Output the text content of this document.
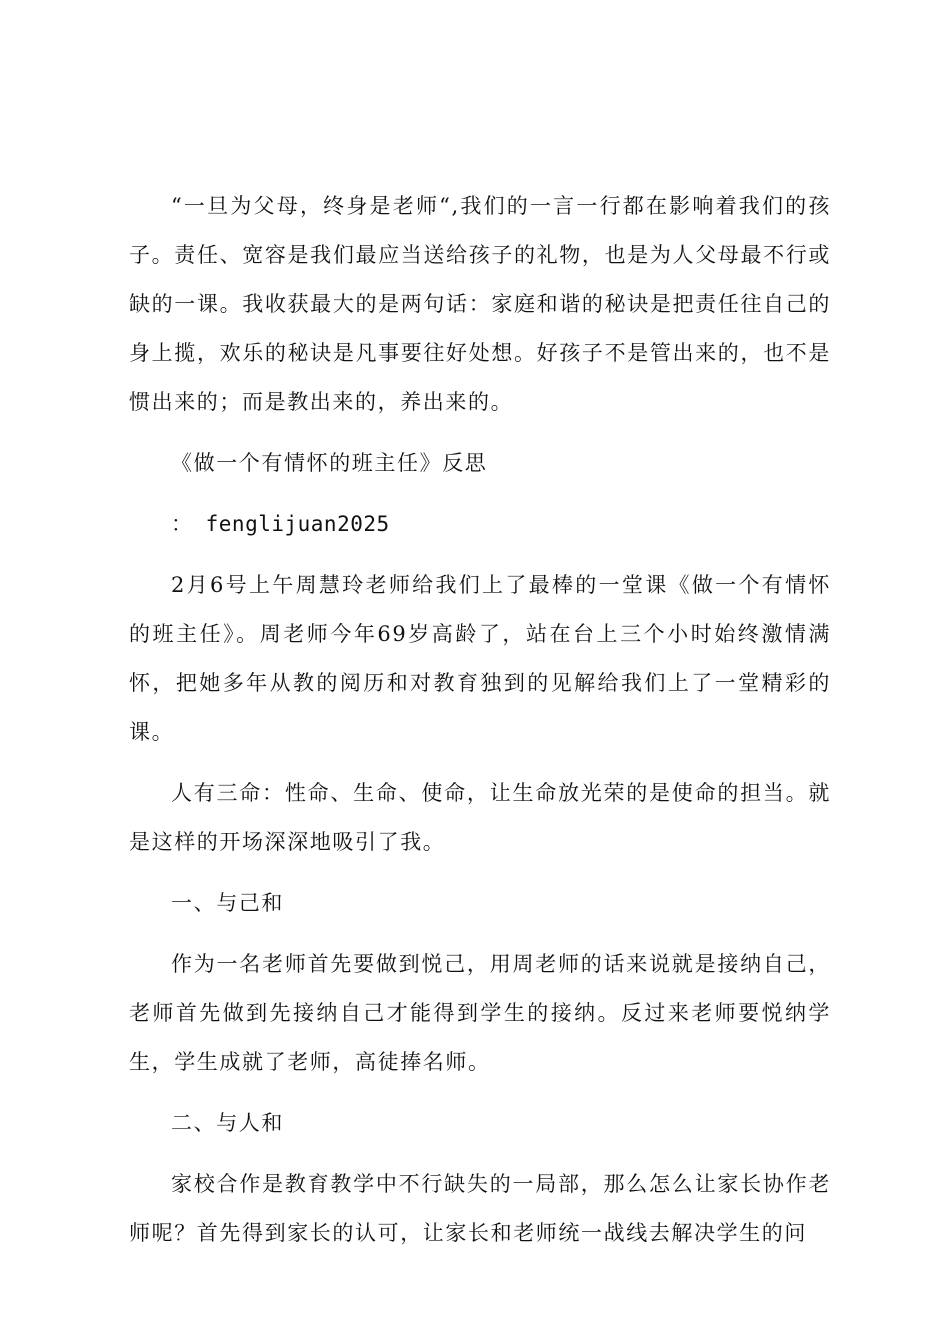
“一旦为父母，终身是老师“,我们的一言一行都在影响着我们的孩子。责任、宽容是我们最应当送给孩子的礼物，也是为人父母最不行或缺的一课。我收获最大的是两句话：家庭和谐的秘诀是把责任往自己的身上揽，欢乐的秘诀是凡事要往好处想。好孩子不是管出来的，也不是惯出来的；而是教出来的，养出来的。

《做一个有情怀的班主任》反思

： fenglijuan2025

2月6号上午周慧玲老师给我们上了最棒的一堂课《做一个有情怀的班主任》。周老师今年69岁高龄了，站在台上三个小时始终激情满怀，把她多年从教的阅历和对教育独到的见解给我们上了一堂精彩的课。

人有三命：性命、生命、使命，让生命放光荣的是使命的担当。就是这样的开场深深地吸引了我。

一、与己和

作为一名老师首先要做到悦己，用周老师的话来说就是接纳自己，老师首先做到先接纳自己才能得到学生的接纳。反过来老师要悦纳学生，学生成就了老师，高徒捧名师。

二、与人和

家校合作是教育教学中不行缺失的一局部，那么怎么让家长协作老师呢？首先得到家长的认可，让家长和老师统一战线去解决学生的问
